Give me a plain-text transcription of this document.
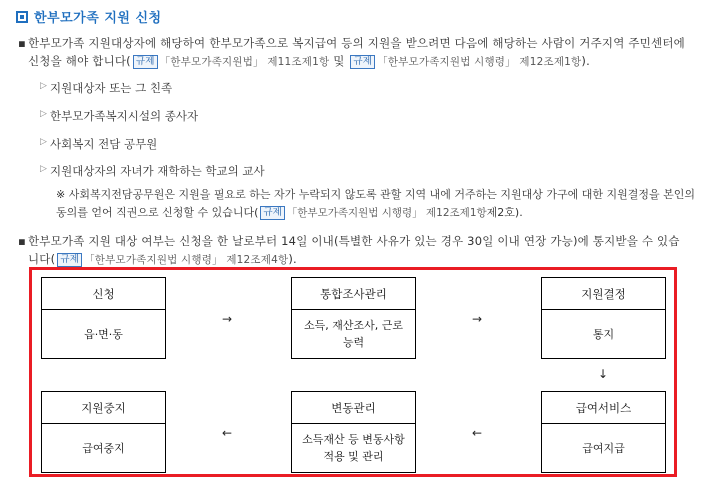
한부모가족 지원 신청
▪ 한부모가족 지원대상자에 해당하여 한부모가족으로 복지급여 등의 지원을 받으려면 다음에 해당하는 사람이 거주지역 주민센터에 신청을 해야 합니다( 규제 「한부모가족지원법」 제11조제1항 및 규제 「한부모가족지원법 시행령」 제12조제1항).
▷ 지원대상자 또는 그 친족
▷ 한부모가족복지시설의 종사자
▷ 사회복지 전담 공무원
▷ 지원대상자의 자녀가 재학하는 학교의 교사
※ 사회복지전담공무원은 지원을 필요로 하는 자가 누락되지 않도록 관할 지역 내에 거주하는 지원대상 가구에 대한 지원결정을 본인의 동의를 얻어 직권으로 신청할 수 있습니다( 규제 「한부모가족지원법 시행령」 제12조제1항제2호).
▪ 한부모가족 지원 대상 여부는 신청을 한 날로부터 14일 이내(특별한 사유가 있는 경우 30일 이내 연장 가능)에 통지받을 수 있습니다( 규제 「한부모가족지원법 시행령」 제12조제4항).
신청
읍·면·동
→
통합조사관리
소득, 재산조사, 근로능력
→
지원결정
통지
↓
지원중지
급여중지
←
변동관리
소득재산 등 변동사항 적용 및 관리
←
급여서비스
급여지급
